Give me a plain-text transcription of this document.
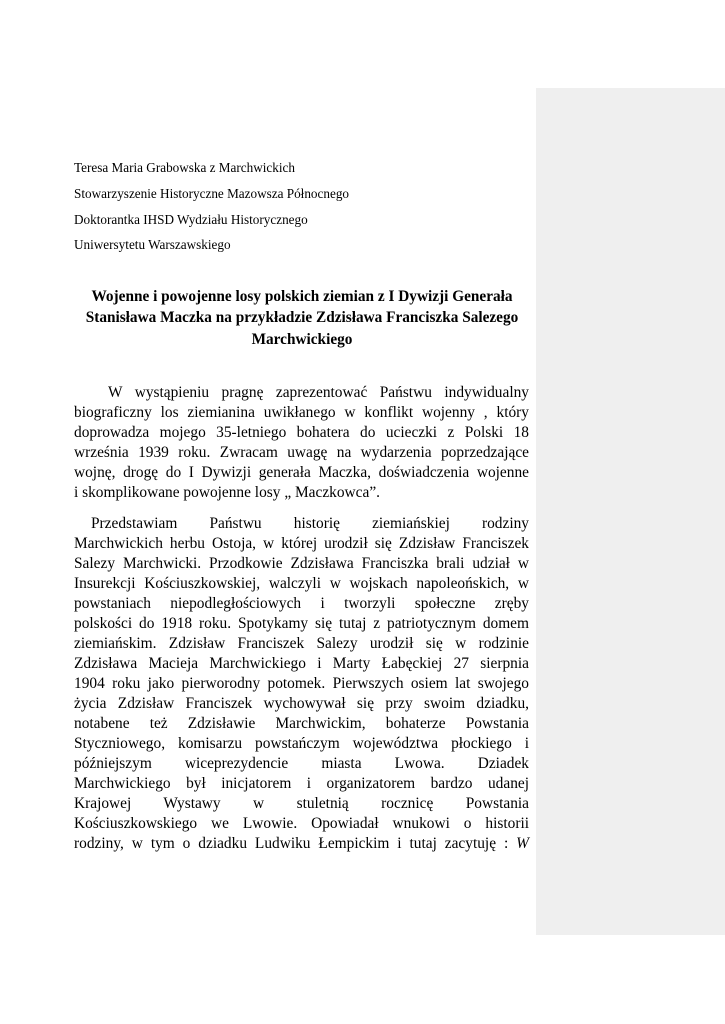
Teresa Maria Grabowska z Marchwickich
Stowarzyszenie Historyczne Mazowsza Północnego
Doktorantka IHSD Wydziału Historycznego
Uniwersytetu Warszawskiego
Wojenne i powojenne losy polskich ziemian z I Dywizji Generała
Stanisława Maczka na przykładzie Zdzisława Franciszka Salezego
Marchwickiego
W wystąpieniu pragnę zaprezentować Państwu indywidualny
biograficzny los ziemianina uwikłanego w konflikt wojenny , który
doprowadza mojego 35-letniego bohatera do ucieczki z Polski 18
września 1939 roku. Zwracam uwagę na wydarzenia poprzedzające
wojnę, drogę do I Dywizji generała Maczka, doświadczenia wojenne
i skomplikowane powojenne losy „ Maczkowca”.
Przedstawiam Państwu historię ziemiańskiej rodziny
Marchwickich herbu Ostoja, w której urodził się Zdzisław Franciszek
Salezy Marchwicki. Przodkowie Zdzisława Franciszka brali udział w
Insurekcji Kościuszkowskiej, walczyli w wojskach napoleońskich, w
powstaniach niepodległościowych i tworzyli społeczne zręby
polskości do 1918 roku. Spotykamy się tutaj z patriotycznym domem
ziemiańskim. Zdzisław Franciszek Salezy urodził się w rodzinie
Zdzisława Macieja Marchwickiego i Marty Łabęckiej 27 sierpnia
1904 roku jako pierworodny potomek. Pierwszych osiem lat swojego
życia Zdzisław Franciszek wychowywał się przy swoim dziadku,
notabene też Zdzisławie Marchwickim, bohaterze Powstania
Styczniowego, komisarzu powstańczym województwa płockiego i
późniejszym wiceprezydencie miasta Lwowa. Dziadek
Marchwickiego był inicjatorem i organizatorem bardzo udanej
Krajowej Wystawy w stuletnią rocznicę Powstania
Kościuszkowskiego we Lwowie. Opowiadał wnukowi o historii
rodziny, w tym o dziadku Ludwiku Łempickim i tutaj zacytuję : W
